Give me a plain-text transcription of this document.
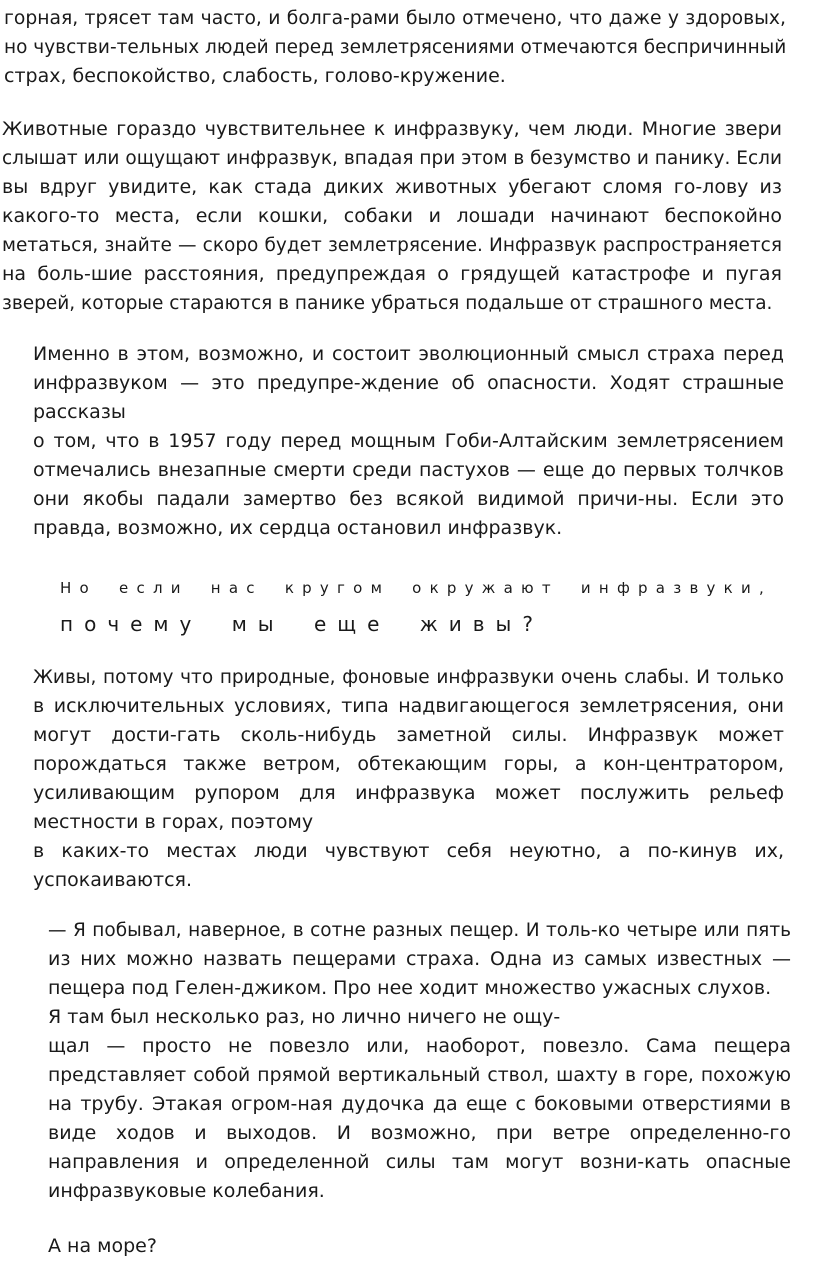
горная, трясет там часто, и болга-рами было отмечено, что даже у здоровых,
но чувстви-тельных людей перед землетрясениями отмечаются беспричинный
страх, беспокойство, слабость, голово-кружение.
Животные гораздо чувствительнее к инфразвуку, чем люди. Многие звери
слышат или ощущают инфразвук, впадая при этом в безумство и панику. Если
вы вдруг увидите, как стада диких животных убегают сломя го-лову из
какого-то места, если кошки, собаки и лошади начинают беспокойно
метаться, знайте — скоро будет землетрясение. Инфразвук распространяется
на боль-шие расстояния, предупреждая о грядущей катастрофе и пугая
зверей, которые стараются в панике убраться подальше от страшного места.
Именно в этом, возможно, и состоит эволюционный смысл страха перед
инфразвуком — это предупре-ждение об опасности. Ходят страшные
рассказы
о том, что в 1957 году перед мощным Гоби-Алтайским землетрясением
отмечались внезапные смерти среди пастухов — еще до первых толчков
они якобы падали замертво без всякой видимой причи-ны. Если это
правда, возможно, их сердца остановил инфразвук.
Но если нас кругом окружают инфразвуки,
почему мы еще живы?
Живы, потому что природные, фоновые инфразвуки очень слабы. И только
в исключительных условиях, типа надвигающегося землетрясения, они
могут дости-гать сколь-нибудь заметной силы. Инфразвук может
порождаться также ветром, обтекающим горы, а кон-центратором,
усиливающим рупором для инфразвука может послужить рельеф
местности в горах, поэтому
в каких-то местах люди чувствуют себя неуютно, а по-кинув их,
успокаиваются.
— Я побывал, наверное, в сотне разных пещер. И толь-ко четыре или пять
из них можно назвать пещерами страха. Одна из самых известных —
пещера под Гелен-джиком. Про нее ходит множество ужасных слухов.
Я там был несколько раз, но лично ничего не ощу-
щал — просто не повезло или, наоборот, повезло. Сама пещера
представляет собой прямой вертикальный ствол, шахту в горе, похожую
на трубу. Этакая огром-ная дудочка да еще с боковыми отверстиями в
виде ходов и выходов. И возможно, при ветре определенно-го
направления и определенной силы там могут возни-кать опасные
инфразвуковые колебания.
А на море?
